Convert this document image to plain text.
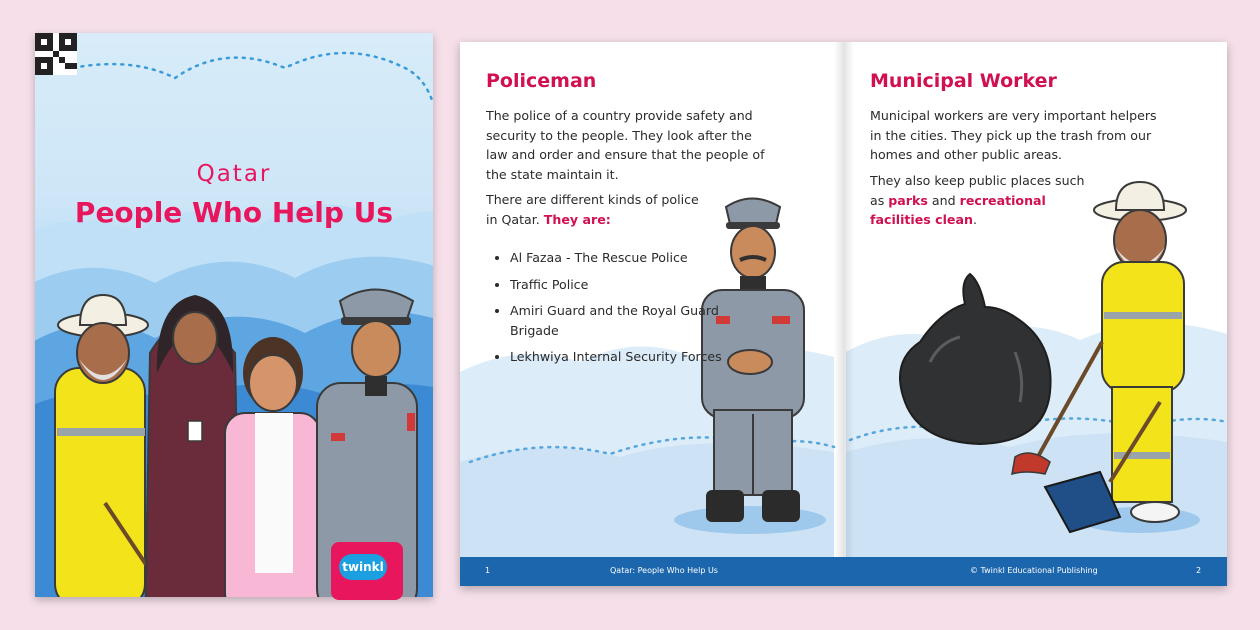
Qatar
People Who Help Us
twinkl
Policeman

The police of a country provide safety and security to the people. They look after the law and order and ensure that the people of the state maintain it.

There are different kinds of police in Qatar. They are:

• Al Fazaa - The Rescue Police
• Traffic Police
• Amiri Guard and the Royal Guard Brigade
• Lekhwiya Internal Security Forces
Municipal Worker

Municipal workers are very important helpers in the cities. They pick up the trash from our homes and other public areas.

They also keep public places such as parks and recreational facilities clean.

1	Qatar: People Who Help Us	© Twinkl Educational Publishing	2
